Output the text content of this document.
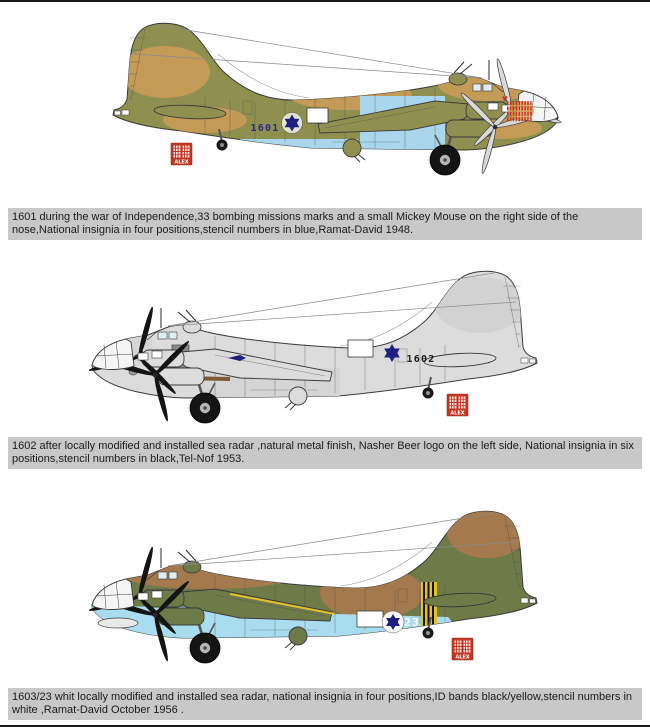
1601
ALEX
1601 during the war of Independence,33 bombing missions marks and a small Mickey Mouse on the right side of the nose,National insignia in four positions,stencil numbers in blue,Ramat-David 1948.
1602
ALEX
1602 after locally modified and installed sea radar ,natural metal finish, Nasher Beer logo on the left side, National insignia in six positions,stencil numbers in black,Tel-Nof 1953.
23
ALEX
1603/23 whit locally modified and installed sea radar, national insignia in four positions,ID bands black/yellow,stencil numbers in white ,Ramat-David October 1956 .
